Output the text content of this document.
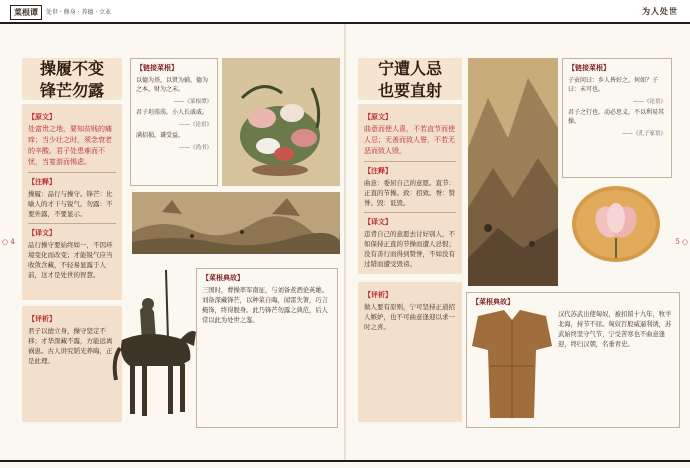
菜根谭	处世 · 修身 · 养德 · 立业	为人处世
○ 4	5 ○
操履不变
锋芒勿露
【原文】
处富贵之地，要知贫贱的痛痒；当少壮之时，须念衰老的辛酸。君子处患难而不忧，当宴游而惕虑。
【注释】
操履：品行与操守。锋芒：比喻人的才干与锐气。勿露：不要外露，不要显示。
【译文】
品行操守要始终如一，不因环境变化而改变；才能锐气应当收敛含藏，不轻易显露于人前，这才是处世的智慧。
【评析】
君子以德立身，操守坚定不移；才华深藏不露，方能远离祸患。古人讲究韬光养晦，正是此理。
【链接菜根】
以德为基，以贤为辅，德为之本，财为之末。
——《菜根谭》
君子坦荡荡，小人长戚戚。
——《论语》
满招损，谦受益。
——《尚书》
【菜根典故】
三国时，曹操率军南征，与刘备煮酒论英雄。刘备深藏锋芒，以种菜自晦，闻雷失箸，巧言掩饰，终得脱身。此乃锋芒勿露之典范，后人常以此为处世之鉴。
宁遭人忌
也要直射
【原文】
曲意而使人喜，不若直节而使人忌；无善而致人誉，不若无恶而致人毁。
【注释】
曲意：委屈自己的意愿。直节：正直的节操。致：招致。誉：赞誉。毁：诋毁。
【译文】
违背自己的意愿去讨好别人，不如保持正直的节操而遭人忌恨；没有善行而得到赞誉，不如没有过错而遭受毁谤。
【评析】
做人要有原则，宁可坚持正道招人嫉妒，也不可曲意逢迎以求一时之喜。
【链接菜根】
子贡问曰：乡人皆好之，何如？子曰：未可也。
——《论语》
君子之行也，动必思义，不以利易其操。
——《孔子家语》
【菜根典故】
汉代苏武出使匈奴，被扣留十九年，牧羊北海，持节不屈。匈奴百般威逼利诱，苏武始终坚守气节，宁受苦寒也不曲意逢迎，终归汉朝，名垂青史。
